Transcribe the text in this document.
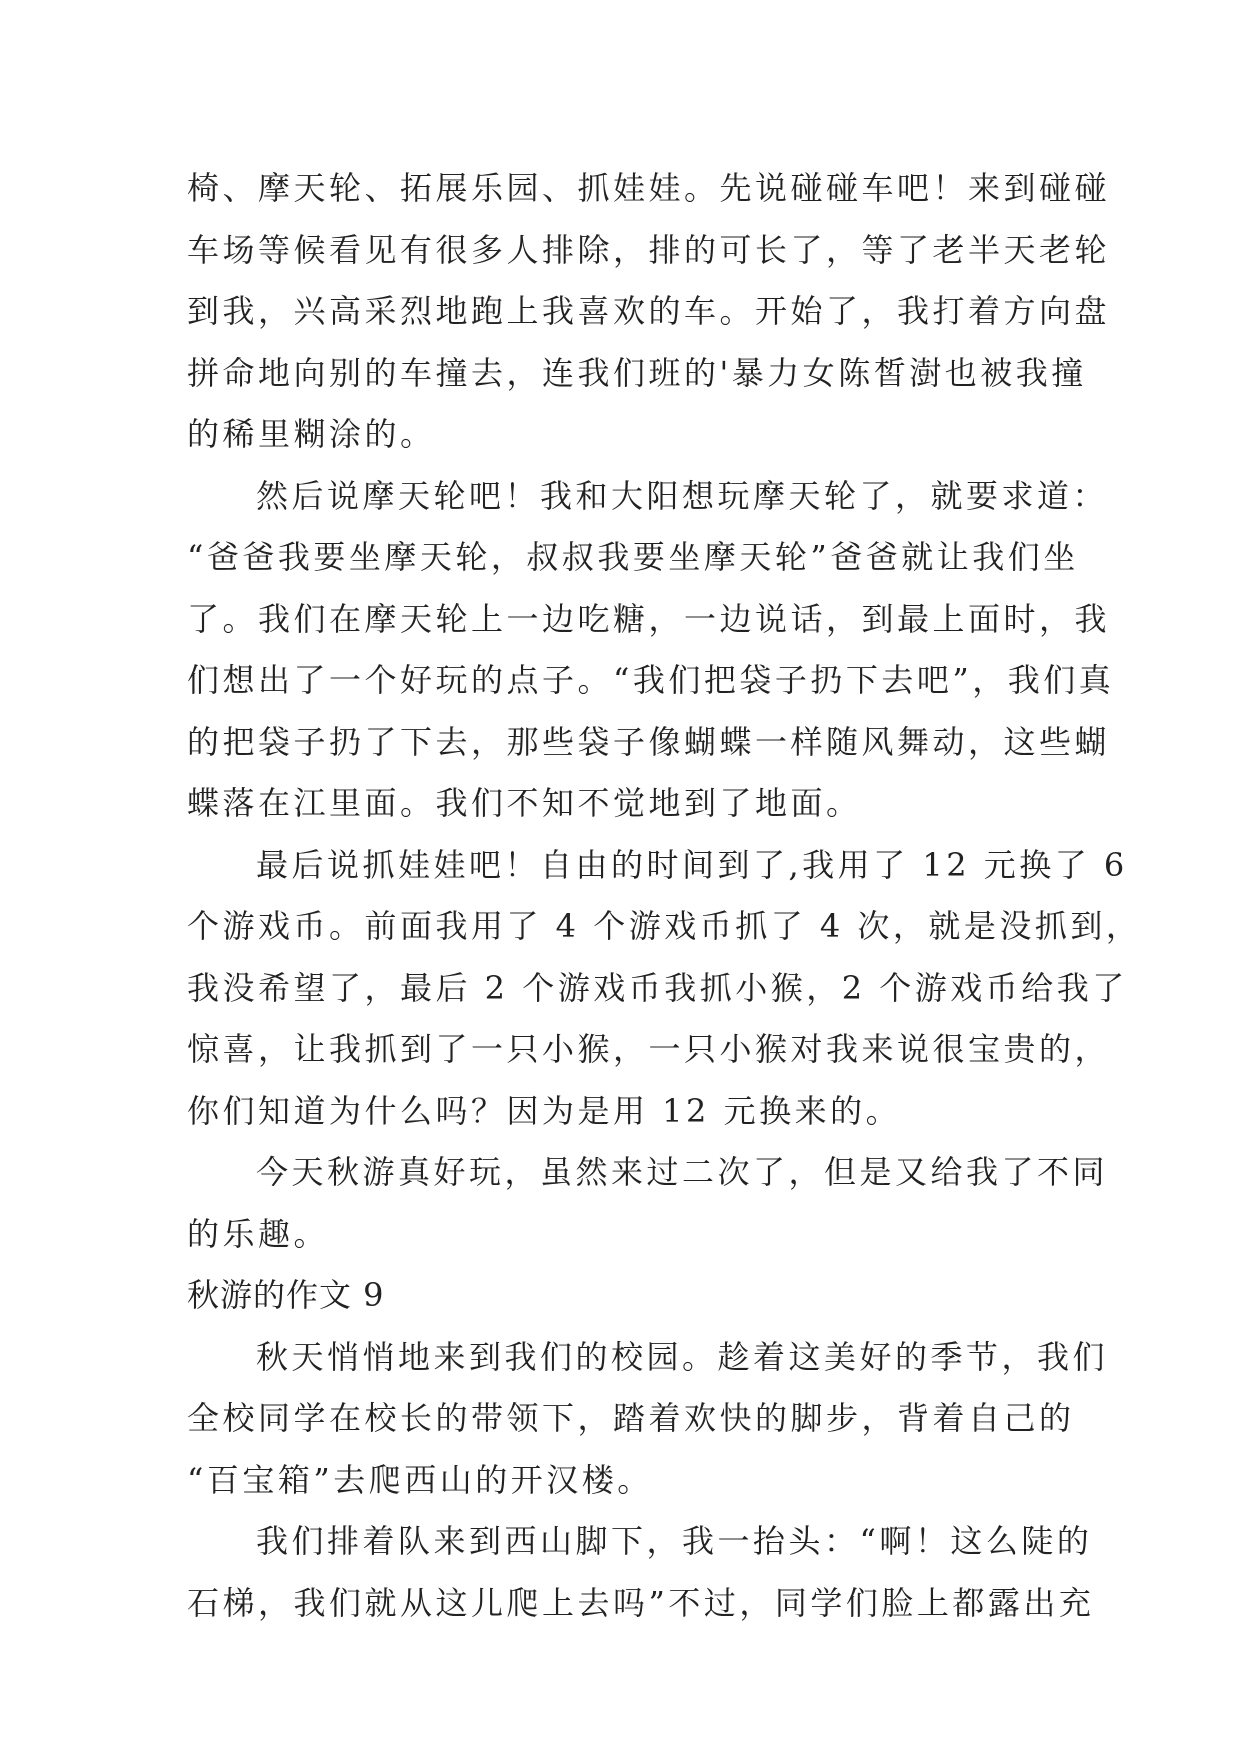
椅、摩天轮、拓展乐园、抓娃娃。先说碰碰车吧！来到碰碰
车场等候看见有很多人排除，排的可长了，等了老半天老轮
到我，兴高采烈地跑上我喜欢的车。开始了，我打着方向盘
拼命地向别的车撞去，连我们班的'暴力女陈皙澍也被我撞
的稀里糊涂的。

然后说摩天轮吧！我和大阳想玩摩天轮了，就要求道：
“爸爸我要坐摩天轮，叔叔我要坐摩天轮”爸爸就让我们坐
了。我们在摩天轮上一边吃糖，一边说话，到最上面时，我
们想出了一个好玩的点子。“我们把袋子扔下去吧”，我们真
的把袋子扔了下去，那些袋子像蝴蝶一样随风舞动，这些蝴
蝶落在江里面。我们不知不觉地到了地面。

最后说抓娃娃吧！自由的时间到了,我用了 12 元换了 6
个游戏币。前面我用了 4 个游戏币抓了 4 次，就是没抓到，
我没希望了，最后 2 个游戏币我抓小猴，2 个游戏币给我了
惊喜，让我抓到了一只小猴，一只小猴对我来说很宝贵的，
你们知道为什么吗？因为是用 12 元换来的。

今天秋游真好玩，虽然来过二次了，但是又给我了不同
的乐趣。

秋游的作文 9

秋天悄悄地来到我们的校园。趁着这美好的季节，我们
全校同学在校长的带领下，踏着欢快的脚步，背着自己的
“百宝箱”去爬西山的开汉楼。

我们排着队来到西山脚下，我一抬头：“啊！这么陡的
石梯，我们就从这儿爬上去吗”不过，同学们脸上都露出充
